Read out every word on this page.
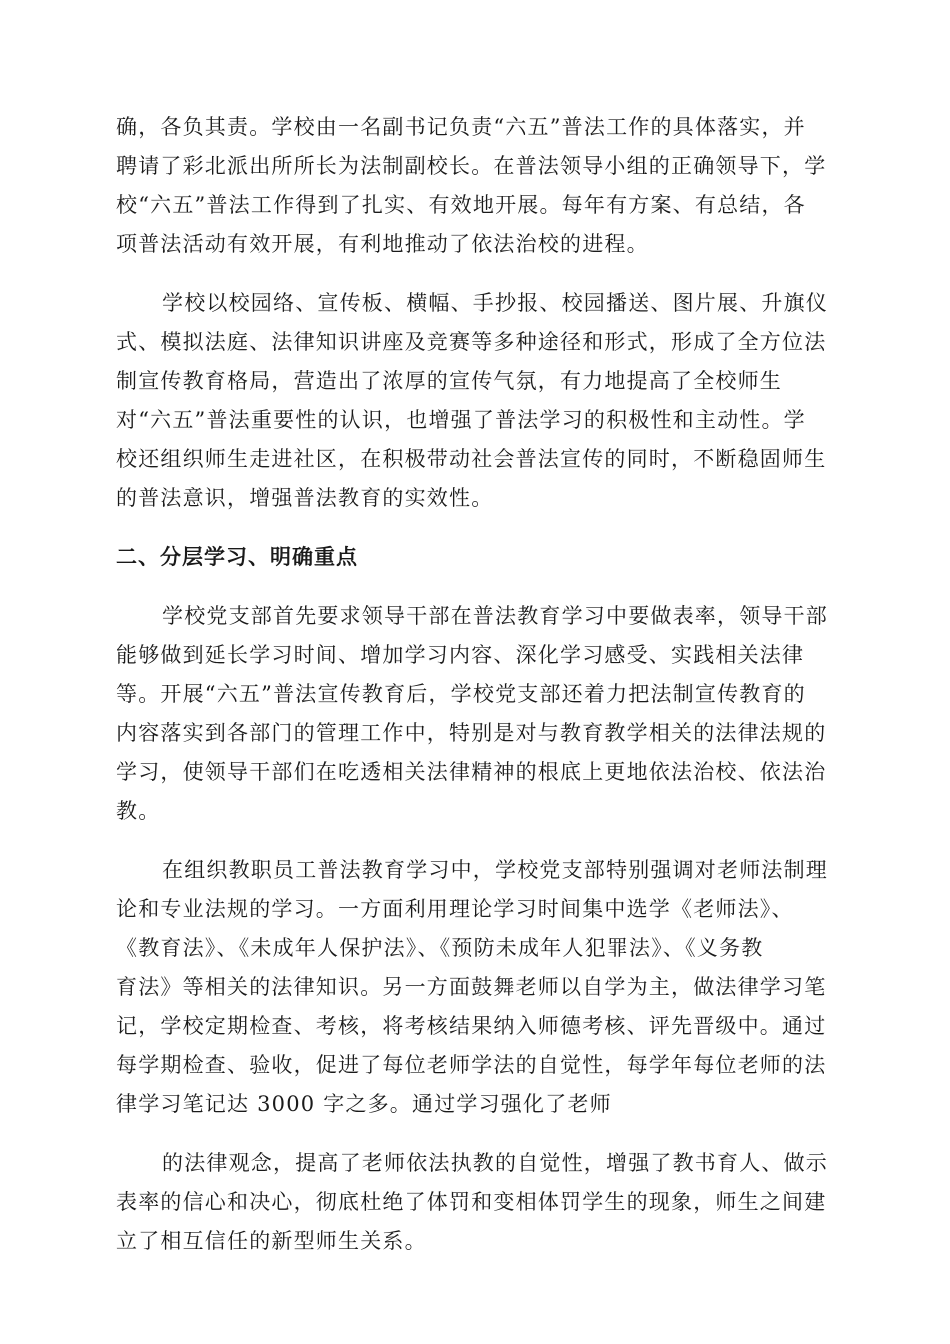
确，各负其责。学校由一名副书记负责“六五”普法工作的具体落实，并
聘请了彩北派出所所长为法制副校长。在普法领导小组的正确领导下，学
校“六五”普法工作得到了扎实、有效地开展。每年有方案、有总结，各
项普法活动有效开展，有利地推动了依法治校的进程。
学校以校园络、宣传板、横幅、手抄报、校园播送、图片展、升旗仪
式、模拟法庭、法律知识讲座及竞赛等多种途径和形式，形成了全方位法
制宣传教育格局，营造出了浓厚的宣传气氛，有力地提高了全校师生
对“六五”普法重要性的认识，也增强了普法学习的积极性和主动性。学
校还组织师生走进社区，在积极带动社会普法宣传的同时，不断稳固师生
的普法意识，增强普法教育的实效性。
二、分层学习、明确重点
学校党支部首先要求领导干部在普法教育学习中要做表率，领导干部
能够做到延长学习时间、增加学习内容、深化学习感受、实践相关法律
等。开展“六五”普法宣传教育后，学校党支部还着力把法制宣传教育的
内容落实到各部门的管理工作中，特别是对与教育教学相关的法律法规的
学习，使领导干部们在吃透相关法律精神的根底上更地依法治校、依法治
教。
在组织教职员工普法教育学习中，学校党支部特别强调对老师法制理
论和专业法规的学习。一方面利用理论学习时间集中选学《老师法》、
《教育法》、《未成年人保护法》、《预防未成年人犯罪法》、《义务教
育法》等相关的法律知识。另一方面鼓舞老师以自学为主，做法律学习笔
记，学校定期检查、考核，将考核结果纳入师德考核、评先晋级中。通过
每学期检查、验收，促进了每位老师学法的自觉性，每学年每位老师的法
律学习笔记达 3000 字之多。通过学习强化了老师
的法律观念，提高了老师依法执教的自觉性，增强了教书育人、做示
表率的信心和决心，彻底杜绝了体罚和变相体罚学生的现象，师生之间建
立了相互信任的新型师生关系。
